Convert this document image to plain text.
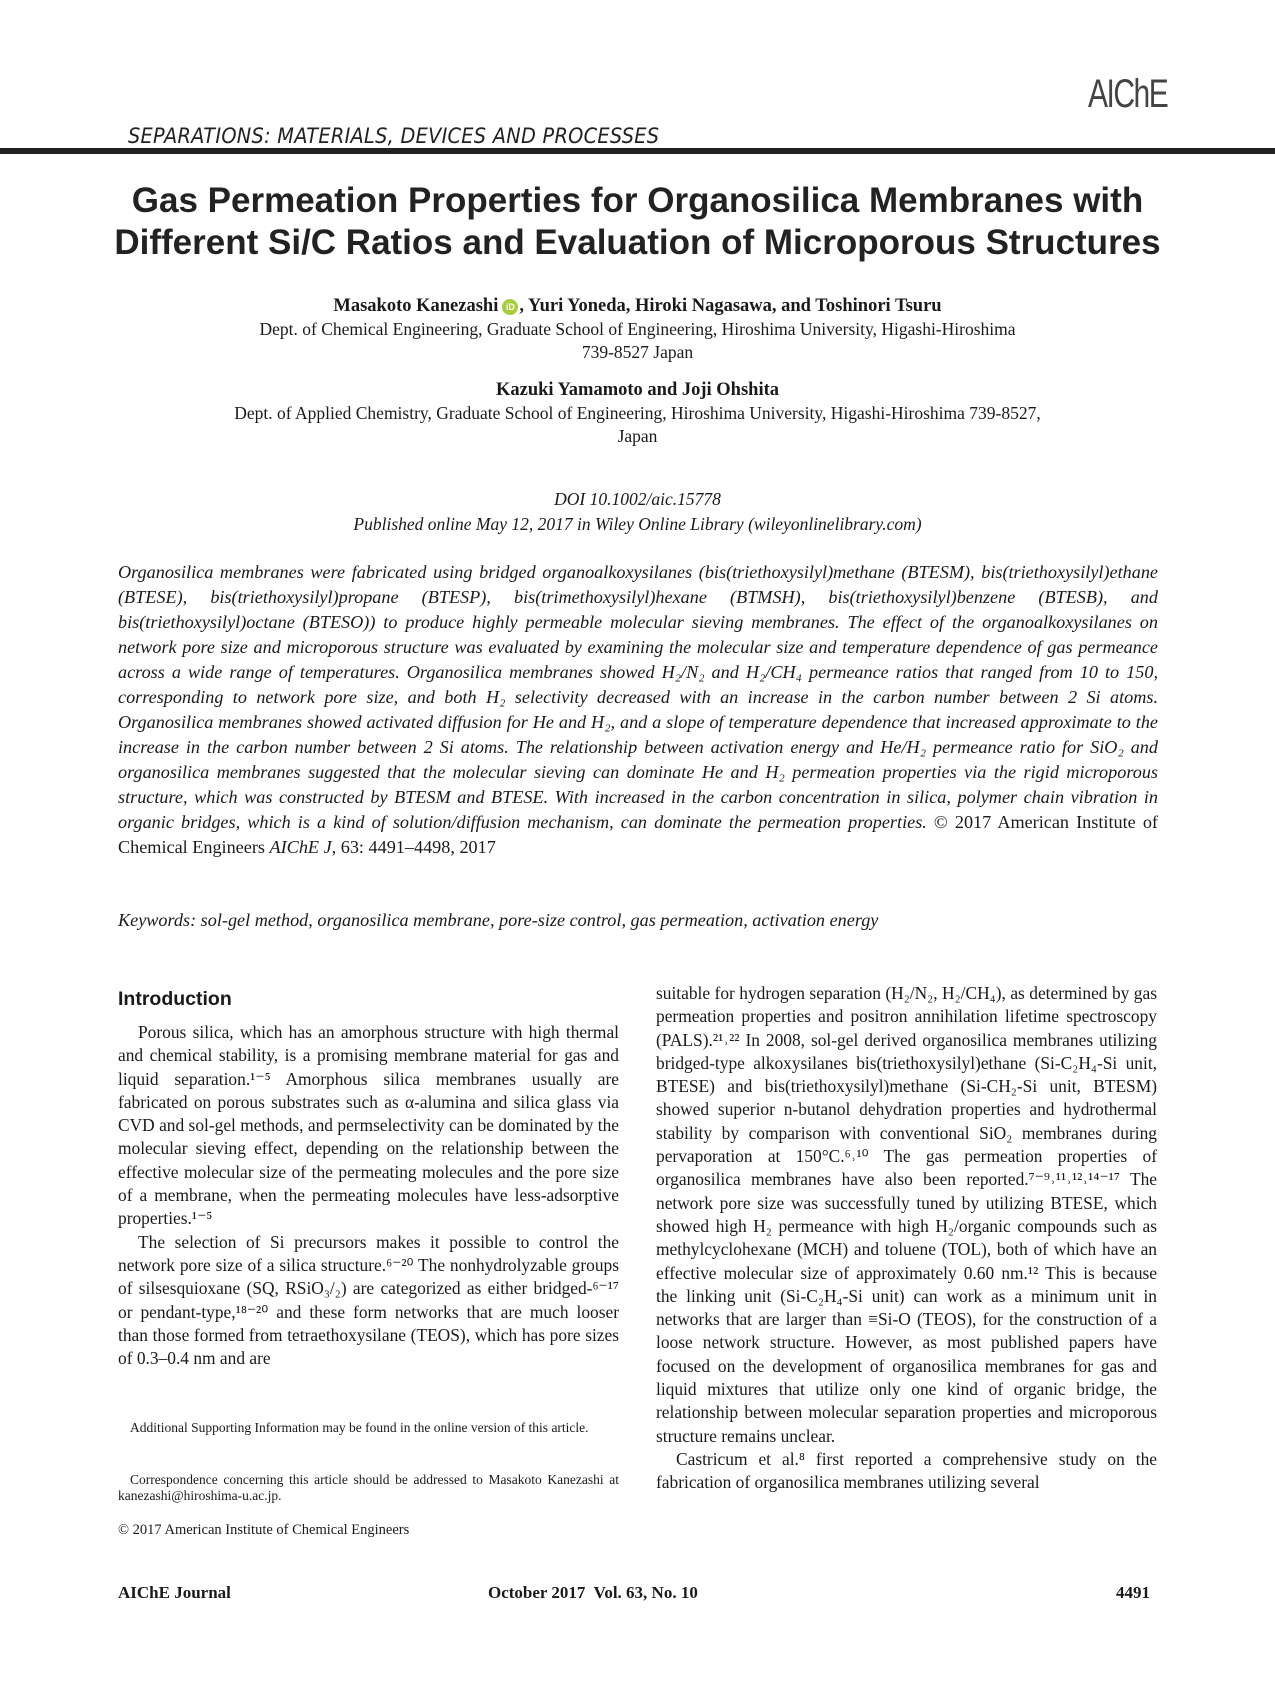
AIChE
SEPARATIONS: MATERIALS, DEVICES AND PROCESSES
Gas Permeation Properties for Organosilica Membranes with
Different Si/C Ratios and Evaluation of Microporous Structures
Masakoto Kanezashi iD , Yuri Yoneda, Hiroki Nagasawa, and Toshinori Tsuru
Dept. of Chemical Engineering, Graduate School of Engineering, Hiroshima University, Higashi-Hiroshima
739-8527 Japan
Kazuki Yamamoto and Joji Ohshita
Dept. of Applied Chemistry, Graduate School of Engineering, Hiroshima University, Higashi-Hiroshima 739-8527,
Japan
DOI 10.1002/aic.15778
Published online May 12, 2017 in Wiley Online Library (wileyonlinelibrary.com)
Organosilica membranes were fabricated using bridged organoalkoxysilanes (bis(triethoxysilyl)methane (BTESM), bis(triethoxysilyl)ethane (BTESE), bis(triethoxysilyl)propane (BTESP), bis(trimethoxysilyl)hexane (BTMSH), bis(triethoxysilyl)benzene (BTESB), and bis(triethoxysilyl)octane (BTESO)) to produce highly permeable molecular sieving membranes. The effect of the organoalkoxysilanes on network pore size and microporous structure was evaluated by examining the molecular size and temperature dependence of gas permeance across a wide range of temperatures. Organosilica membranes showed H₂/N₂ and H₂/CH₄ permeance ratios that ranged from 10 to 150, corresponding to network pore size, and both H₂ selectivity decreased with an increase in the carbon number between 2 Si atoms. Organosilica membranes showed activated diffusion for He and H₂, and a slope of temperature dependence that increased approximate to the increase in the carbon number between 2 Si atoms. The relationship between activation energy and He/H₂ permeance ratio for SiO₂ and organosilica membranes suggested that the molecular sieving can dominate He and H₂ permeation properties via the rigid microporous structure, which was constructed by BTESM and BTESE. With increased in the carbon concentration in silica, polymer chain vibration in organic bridges, which is a kind of solution/diffusion mechanism, can dominate the permeation properties. © 2017 American Institute of Chemical Engineers AIChE J, 63: 4491–4498, 2017
Keywords: sol-gel method, organosilica membrane, pore-size control, gas permeation, activation energy
Introduction

Porous silica, which has an amorphous structure with high thermal and chemical stability, is a promising membrane material for gas and liquid separation.¹⁻⁵ Amorphous silica membranes usually are fabricated on porous substrates such as α-alumina and silica glass via CVD and sol-gel methods, and permselectivity can be dominated by the molecular sieving effect, depending on the relationship between the effective molecular size of the permeating molecules and the pore size of a membrane, when the permeating molecules have less-adsorptive properties.¹⁻⁵

The selection of Si precursors makes it possible to control the network pore size of a silica structure.⁶⁻²⁰ The nonhydrolyzable groups of silsesquioxane (SQ, RSiO₃/₂) are categorized as either bridged-⁶⁻¹⁷ or pendant-type,¹⁸⁻²⁰ and these form networks that are much looser than those formed from tetraethoxysilane (TEOS), which has pore sizes of 0.3–0.4 nm and are

suitable for hydrogen separation (H₂/N₂, H₂/CH₄), as determined by gas permeation properties and positron annihilation lifetime spectroscopy (PALS).²¹˒²² In 2008, sol-gel derived organosilica membranes utilizing bridged-type alkoxysilanes bis(triethoxysilyl)ethane (Si-C₂H₄-Si unit, BTESE) and bis(triethoxysilyl)methane (Si-CH₂-Si unit, BTESM) showed superior n-butanol dehydration properties and hydrothermal stability by comparison with conventional SiO₂ membranes during pervaporation at 150°C.⁶˒¹⁰ The gas permeation properties of organosilica membranes have also been reported.⁷⁻⁹˒¹¹˒¹²˒¹⁴⁻¹⁷ The network pore size was successfully tuned by utilizing BTESE, which showed high H₂ permeance with high H₂/organic compounds such as methylcyclohexane (MCH) and toluene (TOL), both of which have an effective molecular size of approximately 0.60 nm.¹² This is because the linking unit (Si-C₂H₄-Si unit) can work as a minimum unit in networks that are larger than ≡Si-O (TEOS), for the construction of a loose network structure. However, as most published papers have focused on the development of organosilica membranes for gas and liquid mixtures that utilize only one kind of organic bridge, the relationship between molecular separation properties and microporous structure remains unclear.

Castricum et al.⁸ first reported a comprehensive study on the fabrication of organosilica membranes utilizing several

Additional Supporting Information may be found in the online version of this article.
Correspondence concerning this article should be addressed to Masakoto Kanezashi at kanezashi@hiroshima-u.ac.jp.
© 2017 American Institute of Chemical Engineers
AIChE Journal	October 2017  Vol. 63, No. 10	4491
